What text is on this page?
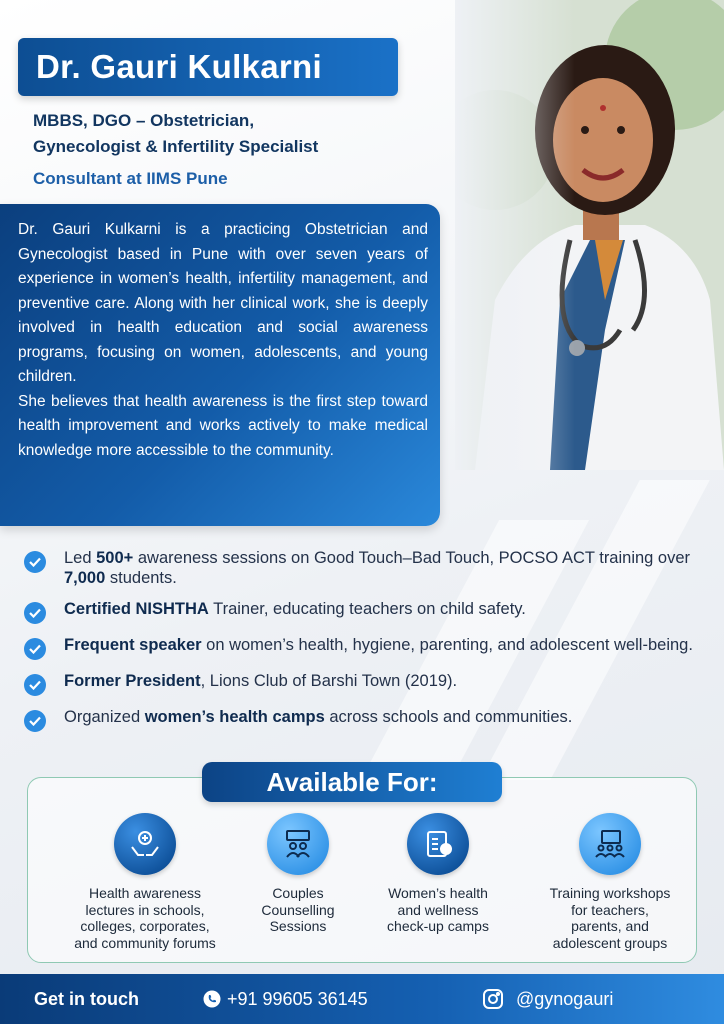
Dr. Gauri Kulkarni
MBBS, DGO – Obstetrician,
Gynecologist & Infertility Specialist
Consultant at IIMS Pune

Dr. Gauri Kulkarni is a practicing Obstetrician and Gynecologist based in Pune with over seven years of experience in women’s health, infertility management, and preventive care. Along with her clinical work, she is deeply involved in health education and social awareness programs, focusing on women, adolescents, and young children.

She believes that health awareness is the first step toward health improvement and works actively to make medical knowledge more accessible to the community.

Led 500+ awareness sessions on Good Touch–Bad Touch, POCSO ACT training over 7,000 students.
Certified NISHTHA Trainer, educating teachers on child safety.
Frequent speaker on women’s health, hygiene, parenting, and adolescent well-being.
Former President, Lions Club of Barshi Town (2019).
Organized women’s health camps across schools and communities.
Available For:
Health awareness
lectures in schools,
colleges, corporates,
and community forums
Couples
Counselling
Sessions
Women’s health
and wellness
check-up camps
Training workshops
for teachers,
parents, and
adolescent groups
Get in touch	+91 99605 36145	@gynogauri
